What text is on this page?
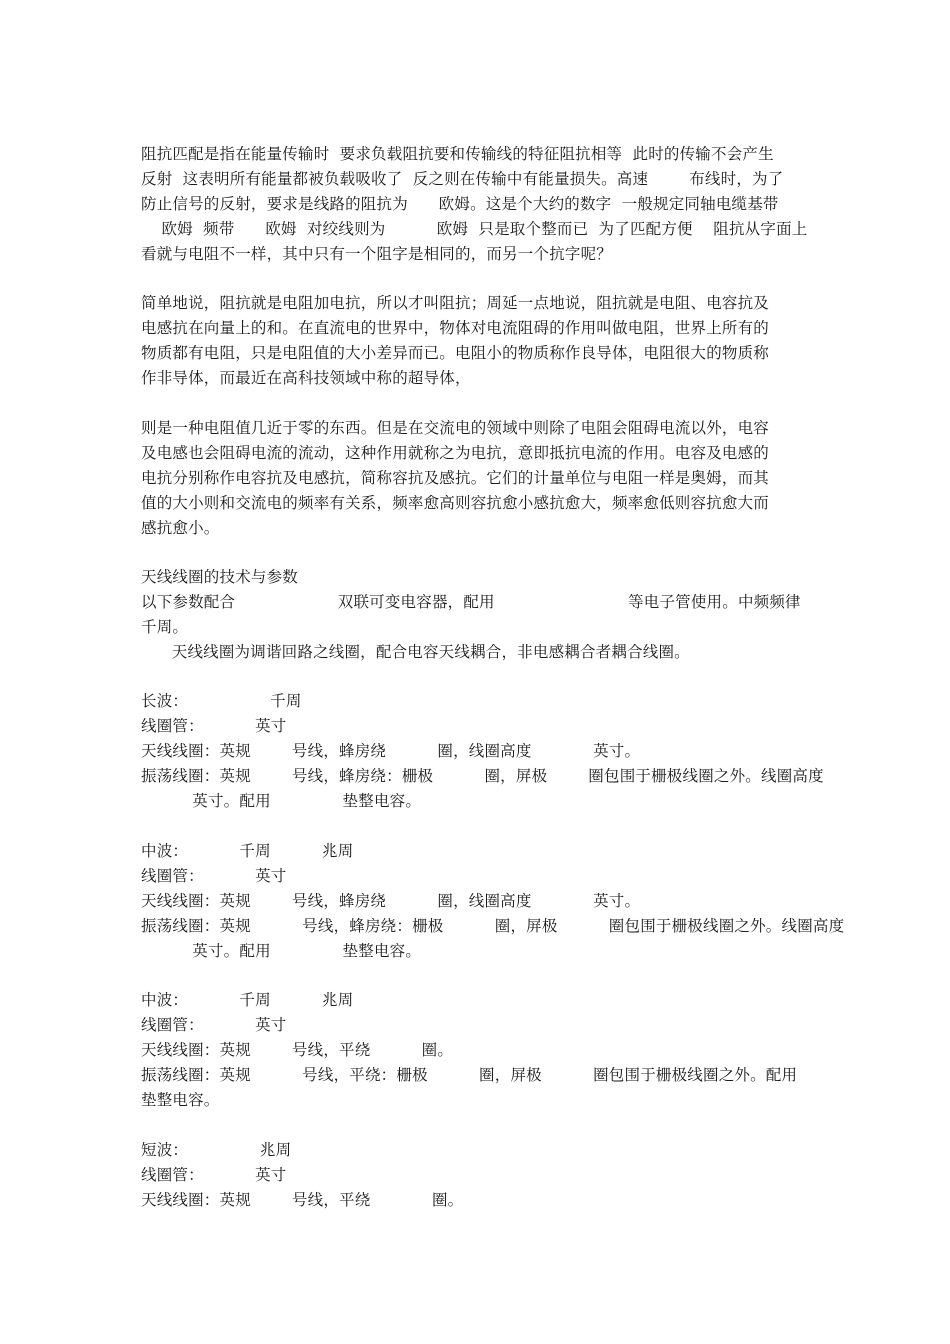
阻抗匹配是指在能量传输时  要求负载阻抗要和传输线的特征阻抗相等  此时的传输不会产生
反射  这表明所有能量都被负载吸收了  反之则在传输中有能量损失。高速        布线时，为了
防止信号的反射，要求是线路的阻抗为      欧姆。这是个大约的数字  一般规定同轴电缆基带
欧姆  频带      欧姆  对绞线则为          欧姆  只是取个整而已  为了匹配方便    阻抗从字面上
看就与电阻不一样，其中只有一个阻字是相同的，而另一个抗字呢？
简单地说，阻抗就是电阻加电抗，所以才叫阻抗；周延一点地说，阻抗就是电阻、电容抗及
电感抗在向量上的和。在直流电的世界中，物体对电流阻碍的作用叫做电阻，世界上所有的
物质都有电阻，只是电阻值的大小差异而已。电阻小的物质称作良导体，电阻很大的物质称
作非导体，而最近在高科技领域中称的超导体，
则是一种电阻值几近于零的东西。但是在交流电的领域中则除了电阻会阻碍电流以外，电容
及电感也会阻碍电流的流动，这种作用就称之为电抗，意即抵抗电流的作用。电容及电感的
电抗分别称作电容抗及电感抗，简称容抗及感抗。它们的计量单位与电阻一样是奥姆，而其
值的大小则和交流电的频率有关系，频率愈高则容抗愈小感抗愈大，频率愈低则容抗愈大而
感抗愈小。
天线线圈的技术与参数
以下参数配合                    双联可变电容器，配用                          等电子管使用。中频频律
千周。
天线线圈为调谐回路之线圈，配合电容天线耦合，非电感耦合者耦合线圈。
长波：                千周
线圈管：          英寸
天线线圈：英规        号线，蜂房绕          圈，线圈高度            英寸。
振荡线圈：英规        号线，蜂房绕：栅极          圈，屏极        圈包围于栅极线圈之外。线圈高度
英寸。配用              垫整电容。
中波：          千周          兆周
线圈管：          英寸
天线线圈：英规        号线，蜂房绕          圈，线圈高度            英寸。
振荡线圈：英规          号线，蜂房绕：栅极          圈，屏极          圈包围于栅极线圈之外。线圈高度
英寸。配用              垫整电容。
中波：          千周          兆周
线圈管：          英寸
天线线圈：英规        号线，平绕          圈。
振荡线圈：英规          号线，平绕：栅极          圈，屏极          圈包围于栅极线圈之外。配用
垫整电容。
短波：              兆周
线圈管：          英寸
天线线圈：英规        号线，平绕            圈。
